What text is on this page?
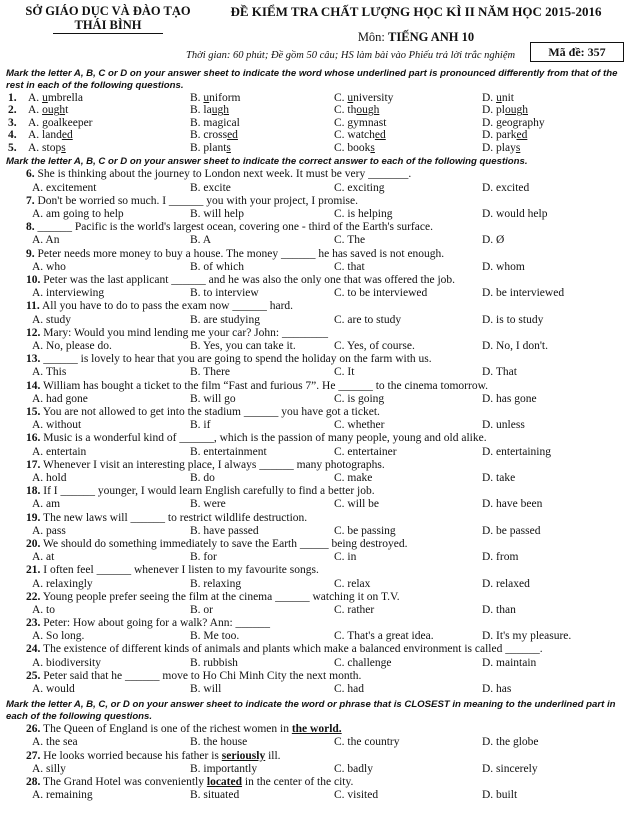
SỞ GIÁO DỤC VÀ ĐÀO TẠO
THÁI BÌNH
ĐỀ KIỂM TRA CHẤT LƯỢNG HỌC KÌ II NĂM HỌC 2015-2016
Môn: TIẾNG ANH 10
Thời gian: 60 phút; Đề gồm 50 câu; HS làm bài vào Phiếu trả lời trắc nghiệm	Mã đề: 357
Mark the letter A, B, C or D on your answer sheet to indicate the word whose underlined part is pronounced differently from that of the rest in each of the following questions.
1. A. umbrella	B. uniform	C. university	D. unit
2. A. ought	B. laugh	C. though	D. plough
3. A. goalkeeper	B. magical	C. gymnast	D. geography
4. A. landed	B. crossed	C. watched	D. parked
5. A. stops	B. plants	C. books	D. plays
Mark the letter A, B, C or D on your answer sheet to indicate the correct answer to each of the following questions.
6. She is thinking about the journey to London next week. It must be very _______.
A. excitement	B. excite	C. exciting	D. excited
7. Don't be worried so much. I ______ you with your project, I promise.
A. am going to help	B. will help	C. is helping	D. would help
8. ______ Pacific is the world's largest ocean, covering one - third of the Earth's surface.
A. An	B. A	C. The	D. Ø
9. Peter needs more money to buy a house. The money ______ he has saved is not enough.
A. who	B. of which	C. that	D. whom
10. Peter was the last applicant ______ and he was also the only one that was offered the job.
A. interviewing	B. to interview	C. to be interviewed	D. be interviewed
11. All you have to do to pass the exam now ______ hard.
A. study	B. are studying	C. are to study	D. is to study
12. Mary: Would you mind lending me your car? John: ________
A. No, please do.	B. Yes, you can take it.	C. Yes, of course.	D. No, I don't.
13. ______ is lovely to hear that you are going to spend the holiday on the farm with us.
A. This	B. There	C. It	D. That
14. William has bought a ticket to the film “Fast and furious 7”. He ______ to the cinema tomorrow.
A. had gone	B. will go	C. is going	D. has gone
15. You are not allowed to get into the stadium ______ you have got a ticket.
A. without	B. if	C. whether	D. unless
16. Music is a wonderful kind of ______, which is the passion of many people, young and old alike.
A. entertain	B. entertainment	C. entertainer	D. entertaining
17. Whenever I visit an interesting place, I always ______ many photographs.
A. hold	B. do	C. make	D. take
18. If I ______ younger, I would learn English carefully to find a better job.
A. am	B. were	C. will be	D. have been
19. The new laws will ______ to restrict wildlife destruction.
A. pass	B. have passed	C. be passing	D. be passed
20. We should do something immediately to save the Earth _____ being destroyed.
A. at	B. for	C. in	D. from
21. I often feel ______ whenever I listen to my favourite songs.
A. relaxingly	B. relaxing	C. relax	D. relaxed
22. Young people prefer seeing the film at the cinema ______ watching it on T.V.
A. to	B. or	C. rather	D. than
23. Peter: How about going for a walk? Ann: ______
A. So long.	B. Me too.	C. That's a great idea.	D. It's my pleasure.
24. The existence of different kinds of animals and plants which make a balanced environment is called ______.
A. biodiversity	B. rubbish	C. challenge	D. maintain
25. Peter said that he ______ move to Ho Chi Minh City the next month.
A. would	B. will	C. had	D. has
Mark the letter A, B, C, or D on your answer sheet to indicate the word or phrase that is CLOSEST in meaning to the underlined part in each of the following questions.
26. The Queen of England is one of the richest women in the world.
A. the sea	B. the house	C. the country	D. the globe
27. He looks worried because his father is seriously ill.
A. silly	B. importantly	C. badly	D. sincerely
28. The Grand Hotel was conveniently located in the center of the city.
A. remaining	B. situated	C. visited	D. built
